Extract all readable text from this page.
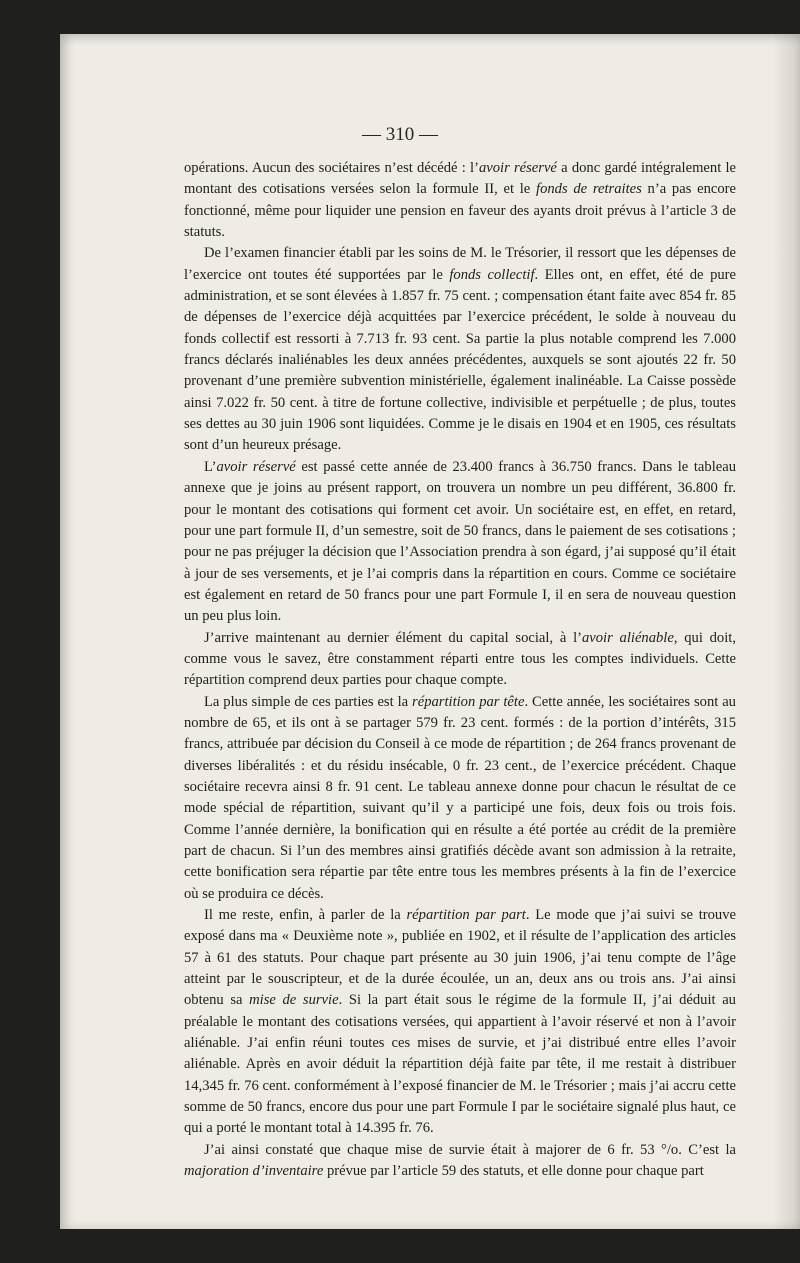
— 310 —

opérations. Aucun des sociétaires n’est décédé : l’avoir réservé a donc gardé intégralement le montant des cotisations versées selon la formule II, et le fonds de retraites n’a pas encore fonctionné, même pour liquider une pension en faveur des ayants droit prévus à l’article 3 de statuts.

De l’examen financier établi par les soins de M. le Trésorier, il ressort que les dépenses de l’exercice ont toutes été supportées par le fonds collectif. Elles ont, en effet, été de pure administration, et se sont élevées à 1.857 fr. 75 cent. ; compensation étant faite avec 854 fr. 85 de dépenses de l’exercice déjà acquittées par l’exercice précédent, le solde à nouveau du fonds collectif est ressorti à 7.713 fr. 93 cent. Sa partie la plus notable comprend les 7.000 francs déclarés inaliénables les deux années précédentes, auxquels se sont ajoutés 22 fr. 50 provenant d’une première subvention ministérielle, également inalinéable. La Caisse possède ainsi 7.022 fr. 50 cent. à titre de fortune collective, indivisible et perpétuelle ; de plus, toutes ses dettes au 30 juin 1906 sont liquidées. Comme je le disais en 1904 et en 1905, ces résultats sont d’un heureux présage.

L’avoir réservé est passé cette année de 23.400 francs à 36.750 francs. Dans le tableau annexe que je joins au présent rapport, on trouvera un nombre un peu différent, 36.800 fr. pour le montant des cotisations qui forment cet avoir. Un sociétaire est, en effet, en retard, pour une part formule II, d’un semestre, soit de 50 francs, dans le paiement de ses cotisations ; pour ne pas préjuger la décision que l’Association prendra à son égard, j’ai supposé qu’il était à jour de ses versements, et je l’ai compris dans la répartition en cours. Comme ce sociétaire est également en retard de 50 francs pour une part Formule I, il en sera de nouveau question un peu plus loin.

J’arrive maintenant au dernier élément du capital social, à l’avoir aliénable, qui doit, comme vous le savez, être constamment réparti entre tous les comptes individuels. Cette répartition comprend deux parties pour chaque compte.

La plus simple de ces parties est la répartition par tête. Cette année, les sociétaires sont au nombre de 65, et ils ont à se partager 579 fr. 23 cent. formés : de la portion d’intérêts, 315 francs, attribuée par décision du Conseil à ce mode de répartition ; de 264 francs provenant de diverses libéralités : et du résidu insécable, 0 fr. 23 cent., de l’exercice précédent. Chaque sociétaire recevra ainsi 8 fr. 91 cent. Le tableau annexe donne pour chacun le résultat de ce mode spécial de répartition, suivant qu’il y a participé une fois, deux fois ou trois fois. Comme l’année dernière, la bonification qui en résulte a été portée au crédit de la première part de chacun. Si l’un des membres ainsi gratifiés décède avant son admission à la retraite, cette bonification sera répartie par tête entre tous les membres présents à la fin de l’exercice où se produira ce décès.

Il me reste, enfin, à parler de la répartition par part. Le mode que j’ai suivi se trouve exposé dans ma « Deuxième note », publiée en 1902, et il résulte de l’application des articles 57 à 61 des statuts. Pour chaque part présente au 30 juin 1906, j’ai tenu compte de l’âge atteint par le souscripteur, et de la durée écoulée, un an, deux ans ou trois ans. J’ai ainsi obtenu sa mise de survie. Si la part était sous le régime de la formule II, j’ai déduit au préalable le montant des cotisations versées, qui appartient à l’avoir réservé et non à l’avoir aliénable. J’ai enfin réuni toutes ces mises de survie, et j’ai distribué entre elles l’avoir aliénable. Après en avoir déduit la répartition déjà faite par tête, il me restait à distribuer 14,345 fr. 76 cent. conformément à l’exposé financier de M. le Trésorier ; mais j’ai accru cette somme de 50 francs, encore dus pour une part Formule I par le sociétaire signalé plus haut, ce qui a porté le montant total à 14.395 fr. 76.

J’ai ainsi constaté que chaque mise de survie était à majorer de 6 fr. 53 °/o. C’est la majoration d’inventaire prévue par l’article 59 des statuts, et elle donne pour chaque part
